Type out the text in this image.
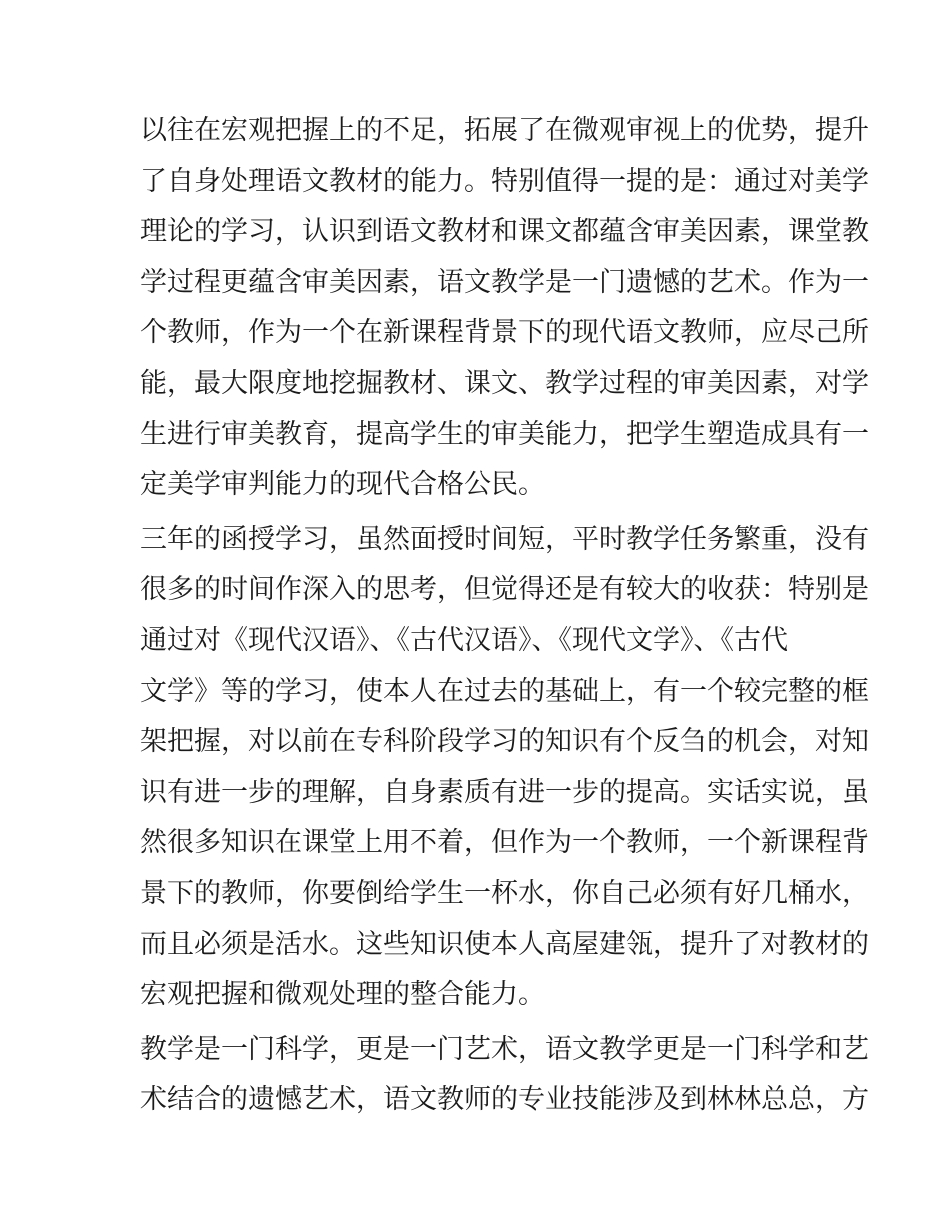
以往在宏观把握上的不足，拓展了在微观审视上的优势，提升
了自身处理语文教材的能力。特别值得一提的是：通过对美学
理论的学习，认识到语文教材和课文都蕴含审美因素，课堂教
学过程更蕴含审美因素，语文教学是一门遗憾的艺术。作为一
个教师，作为一个在新课程背景下的现代语文教师，应尽己所
能，最大限度地挖掘教材、课文、教学过程的审美因素，对学
生进行审美教育，提高学生的审美能力，把学生塑造成具有一
定美学审判能力的现代合格公民。
三年的函授学习，虽然面授时间短，平时教学任务繁重，没有
很多的时间作深入的思考，但觉得还是有较大的收获：特别是
通过对《现代汉语》、《古代汉语》、《现代文学》、《古代
文学》等的学习，使本人在过去的基础上，有一个较完整的框
架把握，对以前在专科阶段学习的知识有个反刍的机会，对知
识有进一步的理解，自身素质有进一步的提高。实话实说，虽
然很多知识在课堂上用不着，但作为一个教师，一个新课程背
景下的教师，你要倒给学生一杯水，你自己必须有好几桶水，
而且必须是活水。这些知识使本人高屋建瓴，提升了对教材的
宏观把握和微观处理的整合能力。
教学是一门科学，更是一门艺术，语文教学更是一门科学和艺
术结合的遗憾艺术，语文教师的专业技能涉及到林林总总，方
